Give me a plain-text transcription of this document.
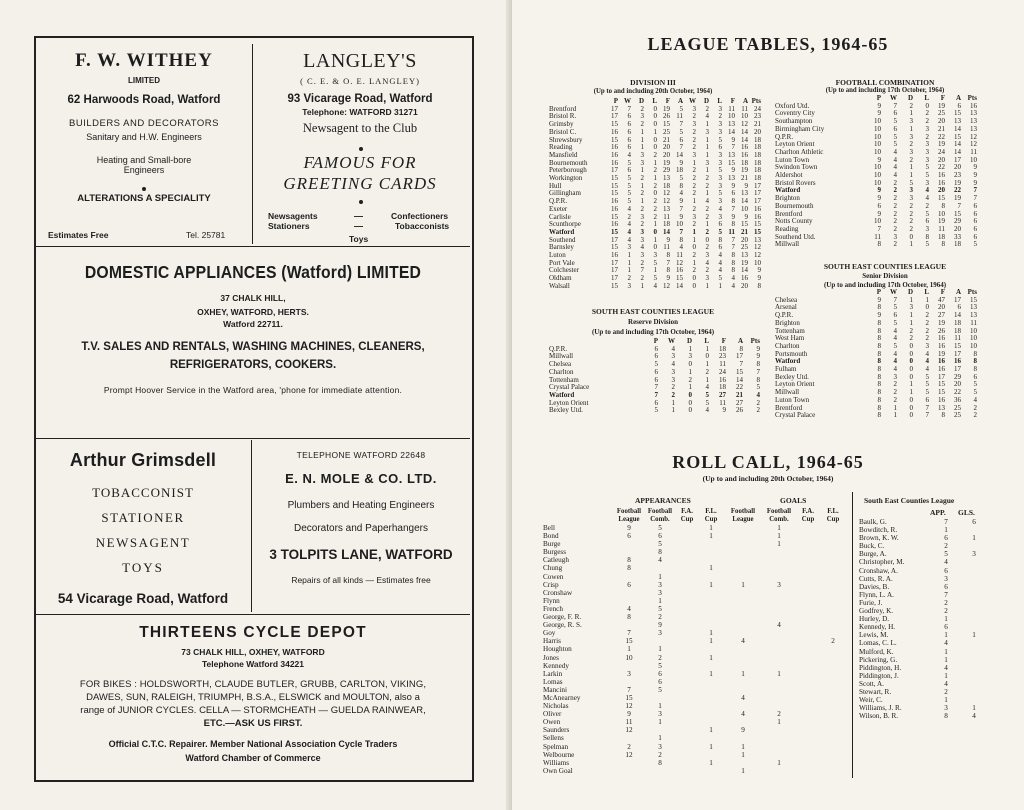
F. W. WITHEY
LIMITED
62 Harwoods Road, Watford
BUILDERS AND DECORATORS
Sanitary and H.W. Engineers
Heating and Small-bore
Engineers
ALTERATIONS A SPECIALITY
Estimates Free	Tel. 25781
LANGLEY'S
( C. E. & O. E. LANGLEY)
93 Vicarage Road, Watford
Telephone: WATFORD 31271
Newsagent to the Club
FAMOUS FOR
GREETING CARDS
Newsagents
Stationers
—
—
Confectioners
Tobacconists
Toys
DOMESTIC APPLIANCES (Watford) LIMITED
37 CHALK HILL,
OXHEY, WATFORD, HERTS.
Watford 22711.
T.V. SALES AND RENTALS, WASHING MACHINES, CLEANERS,
REFRIGERATORS, COOKERS.
Prompt Hoover Service in the Watford area, 'phone for immediate attention.
Arthur Grimsdell
TOBACCONIST
STATIONER
NEWSAGENT
TOYS
54 Vicarage Road, Watford
TELEPHONE WATFORD 22648
E. N. MOLE & CO. LTD.
Plumbers and Heating Engineers
Decorators and Paperhangers
3 TOLPITS LANE, WATFORD
Repairs of all kinds — Estimates free
THIRTEENS CYCLE DEPOT
73 CHALK HILL, OXHEY, WATFORD
Telephone Watford 34221
FOR BIKES : HOLDSWORTH, CLAUDE BUTLER, GRUBB, CARLTON, VIKING,
DAWES, SUN, RALEIGH, TRIUMPH, B.S.A., ELSWICK and MOULTON, also a
range of JUNIOR CYCLES. CELLA — STORMCHEATH — GUELDA RAINWEAR,
ETC.—ASK US FIRST.
Official C.T.C. Repairer. Member National Association Cycle Traders
Watford Chamber of Commerce
LEAGUE TABLES, 1964-65
DIVISION III
(Up to and including 20th October, 1964)
	P	W	D	L	F	A	W	D	L	F	A	Pts
Brentford	17	7	2	0	19	5	3	2	3	11	11	24
Bristol R.	17	6	3	0	26	11	2	4	2	10	10	23
Grimsby	15	6	2	0	15	7	3	1	3	13	12	21
Bristol C.	16	6	1	1	25	5	2	3	3	14	14	20
Shrewsbury	15	6	1	0	21	6	2	1	5	9	14	18
Reading	16	6	1	0	20	7	2	1	6	7	16	18
Mansfield	16	4	3	2	20	14	3	1	3	13	16	18
Bournemouth	16	5	3	1	19	9	1	3	3	15	18	18
Peterborough	17	6	1	2	29	18	2	1	5	9	19	18
Workington	15	5	2	1	13	5	2	2	3	13	21	18
Hull	15	5	1	2	18	8	2	2	3	9	9	17
Gillingham	15	5	2	0	12	4	2	1	5	6	13	17
Q.P.R.	16	5	1	2	12	9	1	4	3	8	14	17
Exeter	16	4	2	2	13	7	2	2	4	7	10	16
Carlisle	15	2	3	2	11	9	3	2	3	9	9	16
Scunthorpe	16	4	2	1	18	10	2	1	6	8	15	15
Watford	15	4	3	0	14	7	1	2	5	11	21	15
Southend	17	4	3	1	9	8	1	0	8	7	20	13
Barnsley	15	3	4	0	11	4	0	2	6	7	25	12
Luton	16	1	3	3	8	11	2	3	4	8	13	12
Port Vale	17	1	2	5	7	12	1	4	4	8	19	10
Colchester	17	1	7	1	8	16	2	2	4	8	14	9
Oldham	17	2	2	5	9	15	0	3	5	4	16	9
Walsall	15	3	1	4	12	14	0	1	1	4	20	8
SOUTH EAST COUNTIES LEAGUE
Reserve Division
(Up to and including 17th October, 1964)
	P	W	D	L	F	A	Pts
Q.P.R.	6	4	1	1	18	8	9
Millwall	6	3	3	0	23	17	9
Chelsea	5	4	0	1	11	7	8
Charlton	6	3	1	2	24	15	7
Tottenham	6	3	2	1	16	14	8
Crystal Palace	7	2	1	4	18	22	5
Watford	7	2	0	5	27	21	4
Leyton Orient	6	1	0	5	11	27	2
Bexley Utd.	5	1	0	4	9	26	2
FOOTBALL COMBINATION
(Up to and including 17th October, 1964)
	P	W	D	L	F	A	Pts
Oxford Utd.	9	7	2	0	19	6	16
Coventry City	9	6	1	2	25	15	13
Southampton	10	5	3	2	20	13	13
Birmingham City	10	6	1	3	21	14	13
Q.P.R.	10	5	3	2	22	15	12
Leyton Orient	10	5	2	3	19	14	12
Charlton Athletic	10	4	3	3	24	14	11
Luton Town	9	4	2	3	20	17	10
Swindon Town	10	4	1	5	22	20	9
Aldershot	10	4	1	5	16	23	9
Bristol Rovers	10	2	5	3	16	19	9
Watford	9	2	3	4	20	22	7
Brighton	9	2	3	4	15	19	7
Bournemouth	6	2	2	2	8	7	6
Brentford	9	2	2	5	10	15	6
Notts County	10	2	2	6	19	29	6
Reading	7	2	2	3	11	20	6
Southend Utd.	11	3	0	8	18	33	6
Millwall	8	2	1	5	8	18	5
SOUTH EAST COUNTIES LEAGUE
Senior Division
(Up to and including 17th October, 1964)
	P	W	D	L	F	A	Pts
Chelsea	9	7	1	1	47	17	15
Arsenal	8	5	3	0	20	6	13
Q.P.R.	9	6	1	2	27	14	13
Brighton	8	5	1	2	19	18	11
Tottenham	8	4	2	2	26	18	10
West Ham	8	4	2	2	16	11	10
Charlton	8	5	0	3	16	15	10
Portsmouth	8	4	0	4	19	17	8
Watford	8	4	0	4	16	16	8
Fulham	8	4	0	4	16	17	8
Bexley Utd.	8	3	0	5	17	29	6
Leyton Orient	8	2	1	5	15	20	5
Millwall	8	2	1	5	15	22	5
Luton Town	8	2	0	6	16	36	4
Brentford	8	1	0	7	13	25	2
Crystal Palace	8	1	0	7	8	25	2
ROLL CALL, 1964-65
(Up to and including 20th October, 1964)
APPEARANCES	GOALS
	Football League	Football Comb.	F.A. Cup	F.L. Cup	Football League	Football Comb.	F.A. Cup	F.L. Cup
Bell	9	5		1		1		
Bond	6	6		1		1		
Burge		5				1		
Burgess		8						
Catleugh	8	4						
Chung	8			1				
Cowen		1						
Crisp	6	3		1	1	3		
Cronshaw		3						
Flynn		1						
French	4	5						
George, F. R.	8	2						
George, R. S.		9				4		
Goy	7	3		1				
Harris	15			1	4			2
Houghton	1	1						
Jones	10	2		1				
Kennedy		5						
Larkin	3	6		1	1	1		
Lomas		6						
Mancini	7	5						
McAnearney	15				4			
Nicholas	12	1						
Oliver	9	3			4	2		
Owen	11	1				1		
Saunders	12			1	9			
Sellens		1						
Spelman	2	3		1	1			
Welbourne	12	2			1			
Williams		8		1		1		
Own Goal					1			
South East Counties League
APP. GLS.
Baulk, G.	7	6
Bowditch, R.	1	
Brown, K. W.	6	1
Buck, C.	2	
Burge, A.	5	3
Christopher, M.	4	
Cronshaw, A.	6	
Cutts, R. A.	3	
Davies, B.	6	
Flynn, L. A.	7	
Furie, J.	2	
Godfrey, K.	2	
Hurley, D.	1	
Kennedy, H.	6	
Lewis, M.	1	1
Lomas, C. L.	4	
Mulford, K.	1	
Pickering, G.	1	
Piddington, H.	4	
Piddington, J.	1	
Scott, A.	4	
Stewart, R.	2	
Weir, C.	1	
Williams, J. R.	3	1
Wilson, B. R.	8	4
